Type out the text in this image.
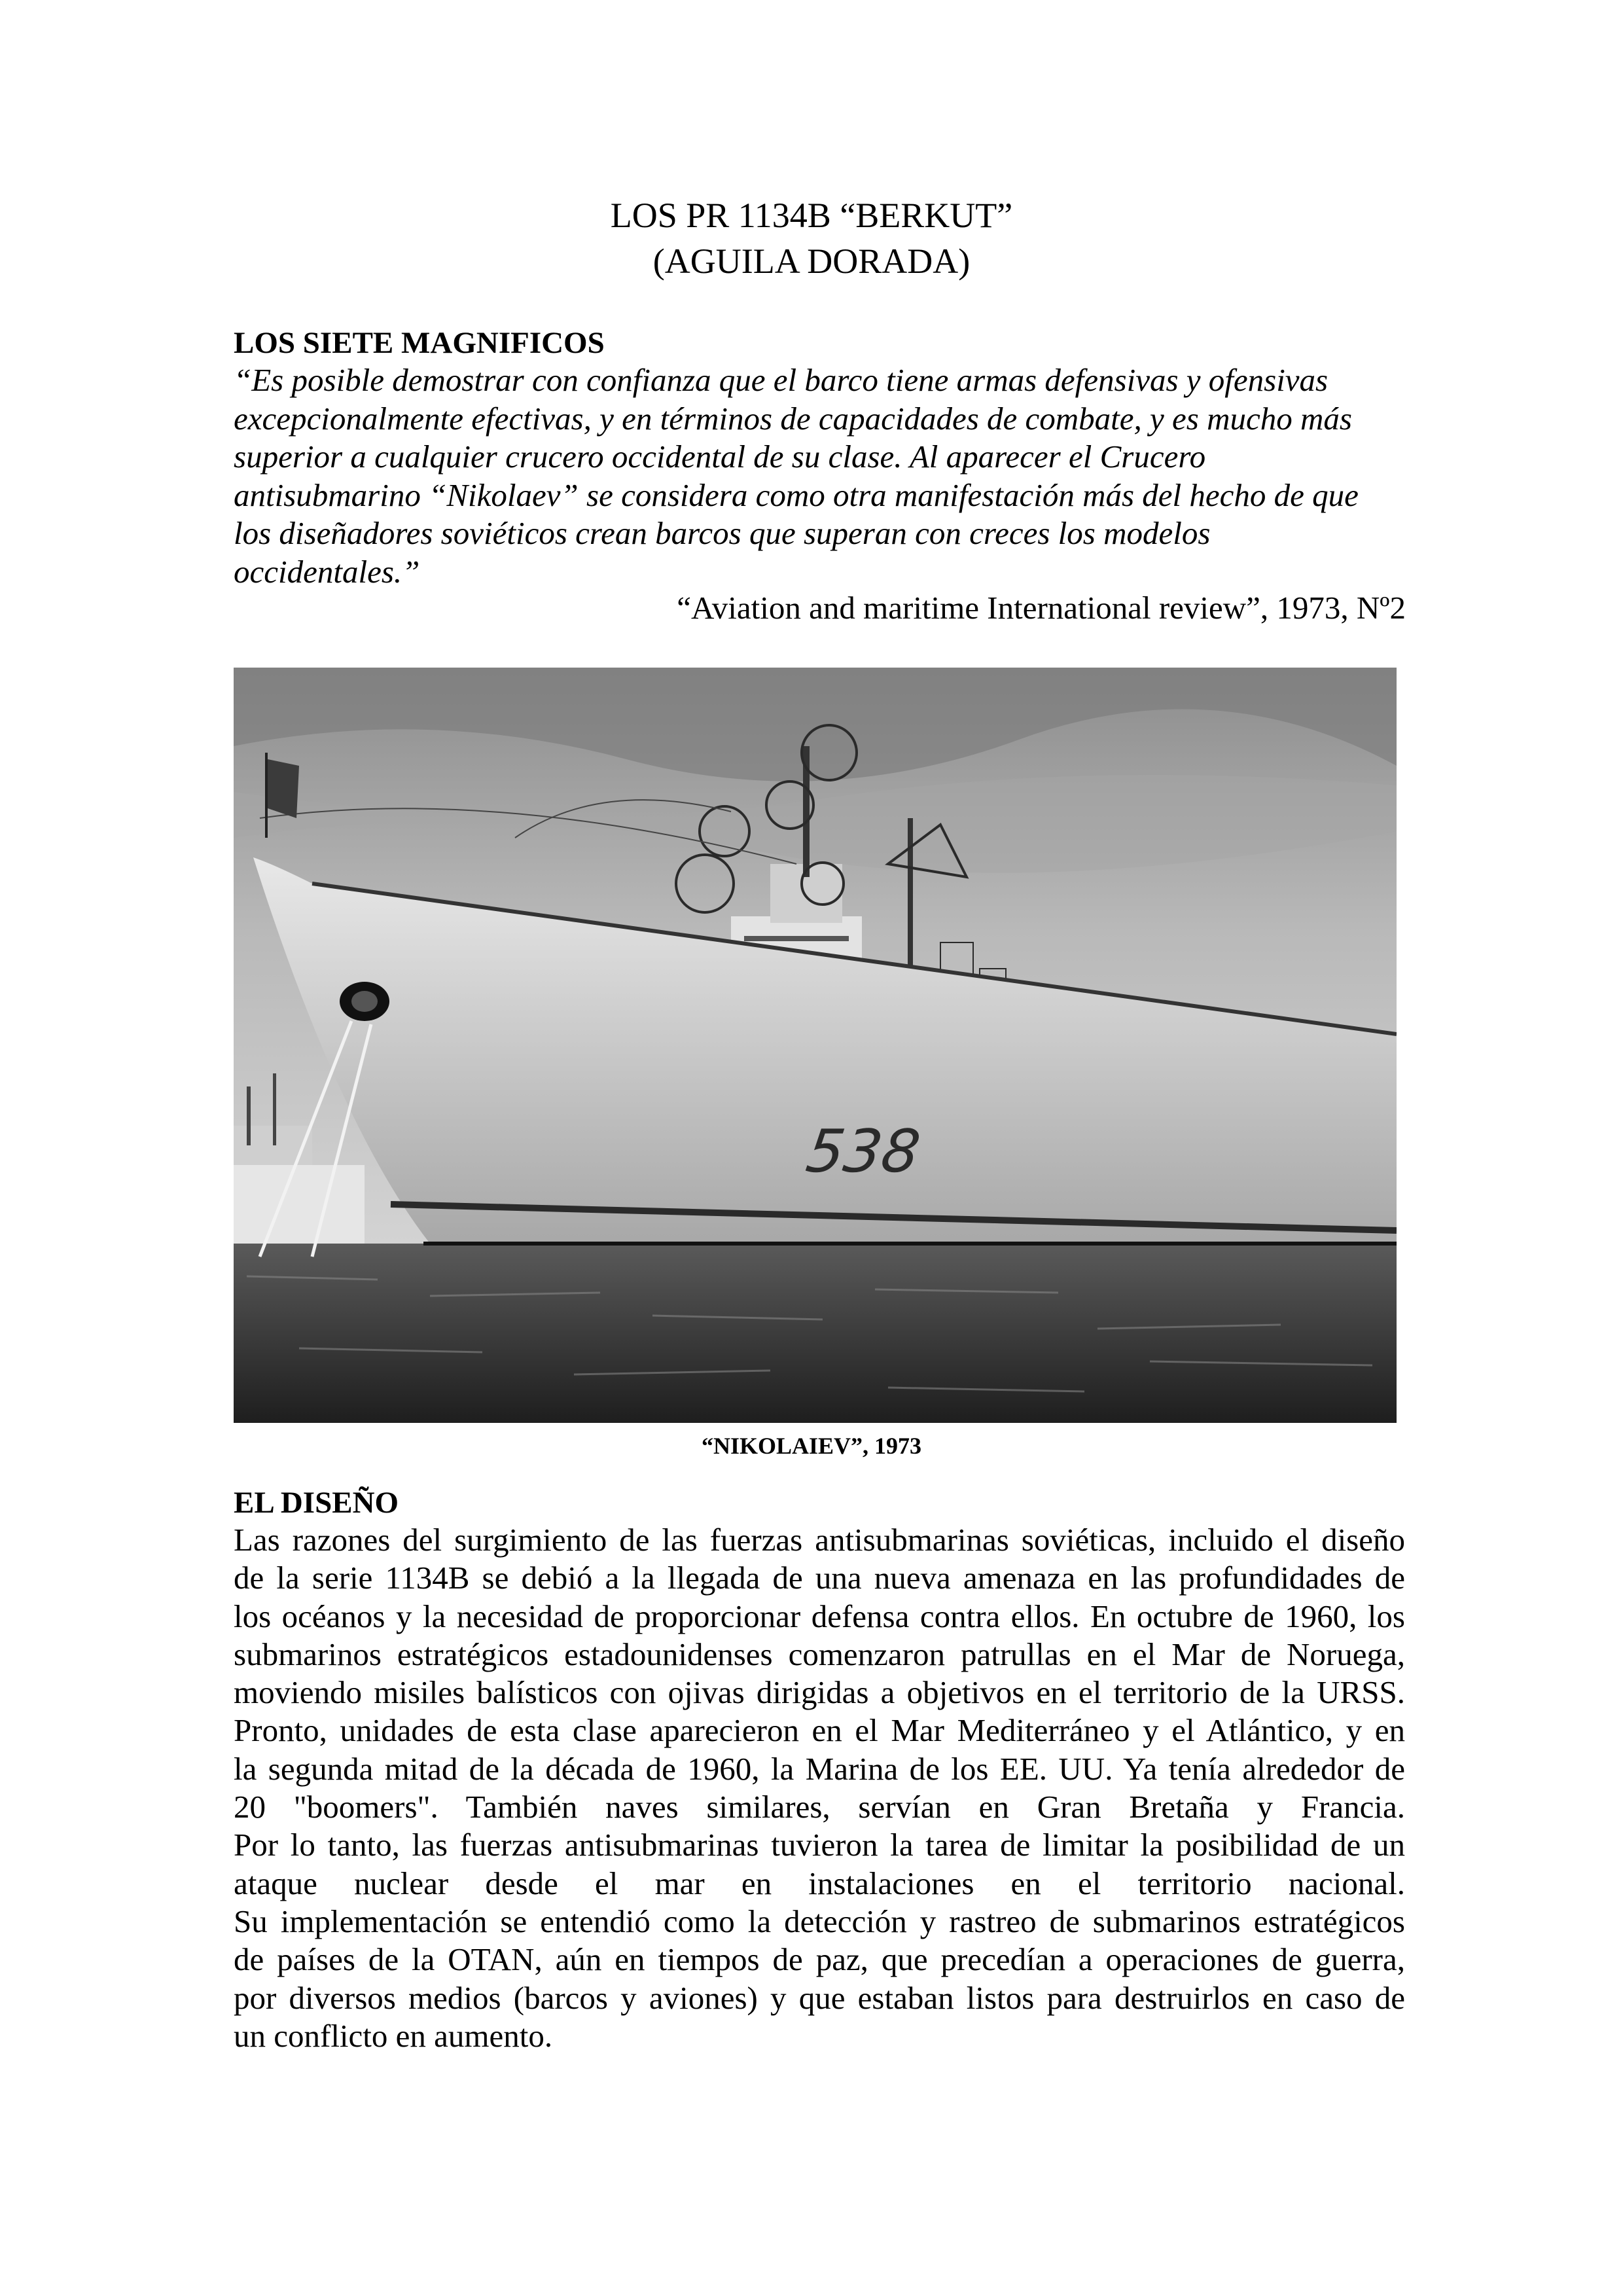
LOS PR 1134B “BERKUT”
(AGUILA DORADA)
LOS SIETE MAGNIFICOS
“Es posible demostrar con confianza que el barco tiene armas defensivas y ofensivas
excepcionalmente efectivas, y en términos de capacidades de combate, y es mucho más
superior a cualquier crucero occidental de su clase. Al aparecer el Crucero
antisubmarino “Nikolaev” se considera como otra manifestación más del hecho de que
los diseñadores soviéticos crean barcos que superan con creces los modelos
occidentales.”
“Aviation and maritime International review”, 1973, Nº2
538
“NIKOLAIEV”, 1973
EL DISEÑO
Las razones del surgimiento de las fuerzas antisubmarinas soviéticas, incluido el diseño
de la serie 1134B se debió a la llegada de una nueva amenaza en las profundidades de
los océanos y la necesidad de proporcionar defensa contra ellos. En octubre de 1960, los
submarinos estratégicos estadounidenses comenzaron patrullas en el Mar de Noruega,
moviendo misiles balísticos con ojivas dirigidas a objetivos en el territorio de la URSS.
Pronto, unidades de esta clase aparecieron en el Mar Mediterráneo y el Atlántico, y en
la segunda mitad de la década de 1960, la Marina de los EE. UU. Ya tenía alrededor de
20 "boomers". También naves similares, servían en Gran Bretaña y Francia.
Por lo tanto, las fuerzas antisubmarinas tuvieron la tarea de limitar la posibilidad de un
ataque nuclear desde el mar en instalaciones en el territorio nacional.
Su implementación se entendió como la detección y rastreo de submarinos estratégicos
de países de la OTAN, aún en tiempos de paz, que precedían a operaciones de guerra,
por diversos medios (barcos y aviones) y que estaban listos para destruirlos en caso de
un conflicto en aumento.
